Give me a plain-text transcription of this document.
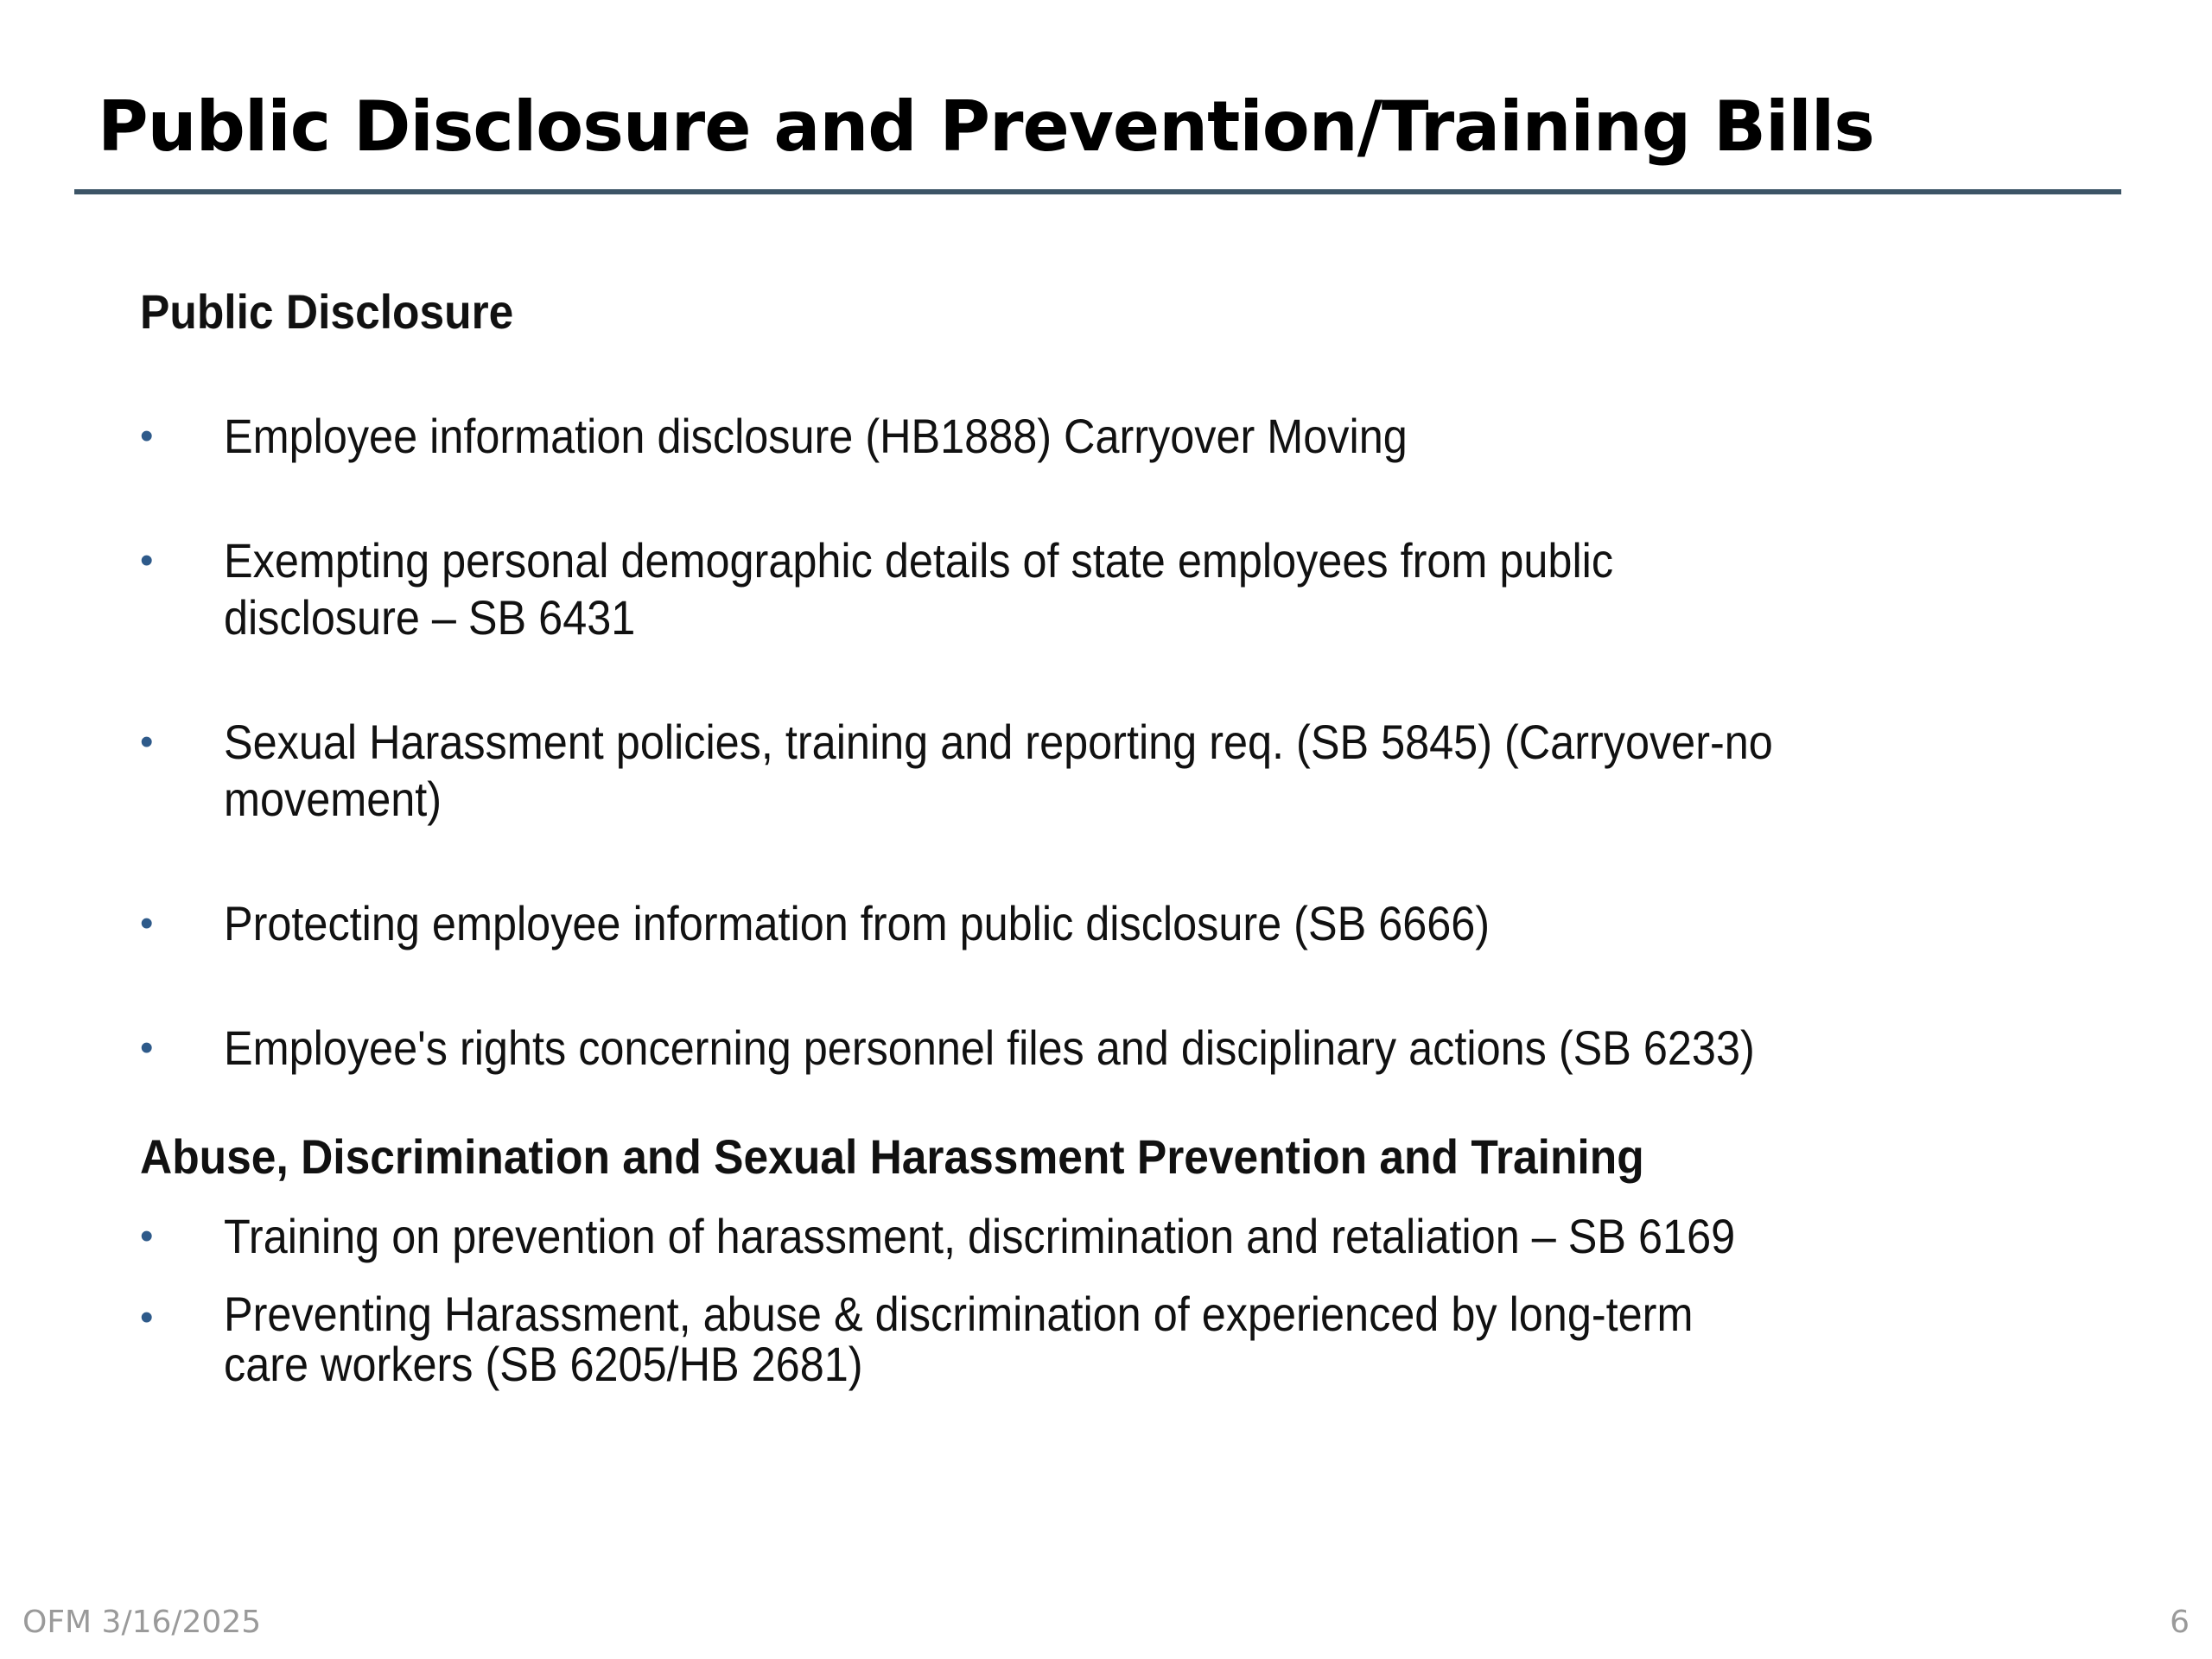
Public Disclosure and Prevention/Training Bills
Public Disclosure
• Employee information disclosure (HB1888) Carryover Moving
• Exempting personal demographic details of state employees from public disclosure – SB 6431
• Sexual Harassment policies, training and reporting req. (SB 5845) (Carryover-no movement)
• Protecting employee information from public disclosure (SB 6666)
• Employee's rights concerning personnel files and disciplinary actions (SB 6233)
Abuse, Discrimination and Sexual Harassment Prevention and Training
• Training on prevention of harassment, discrimination and retaliation – SB 6169
• Preventing Harassment, abuse & discrimination of experienced by long-term care workers (SB 6205/HB 2681)
OFM 3/16/2025	6
